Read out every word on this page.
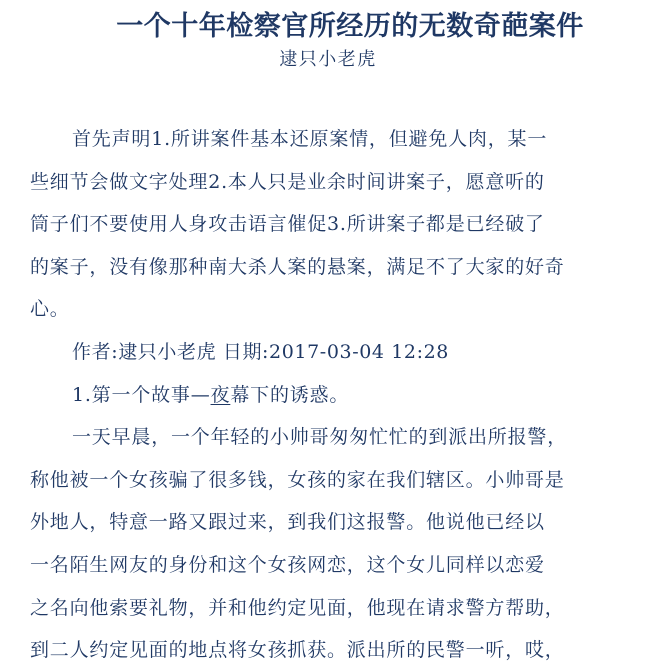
一个十年检察官所经历的无数奇葩案件
逮只小老虎
首先声明1.所讲案件基本还原案情，但避免人肉，某一
些细节会做文字处理2.本人只是业余时间讲案子，愿意听的
筒子们不要使用人身攻击语言催促3.所讲案子都是已经破了
的案子，没有像那种南大杀人案的悬案，满足不了大家的好奇
心。
作者:逮只小老虎 日期:2017-03-04 12:28
1.第一个故事—夜幕下的诱惑。
一天早晨，一个年轻的小帅哥匆匆忙忙的到派出所报警，
称他被一个女孩骗了很多钱，女孩的家在我们辖区。小帅哥是
外地人，特意一路又跟过来，到我们这报警。他说他已经以
一名陌生网友的身份和这个女孩网恋，这个女儿同样以恋爱
之名向他索要礼物，并和他约定见面，他现在请求警方帮助，
到二人约定见面的地点将女孩抓获。派出所的民警一听，哎，
